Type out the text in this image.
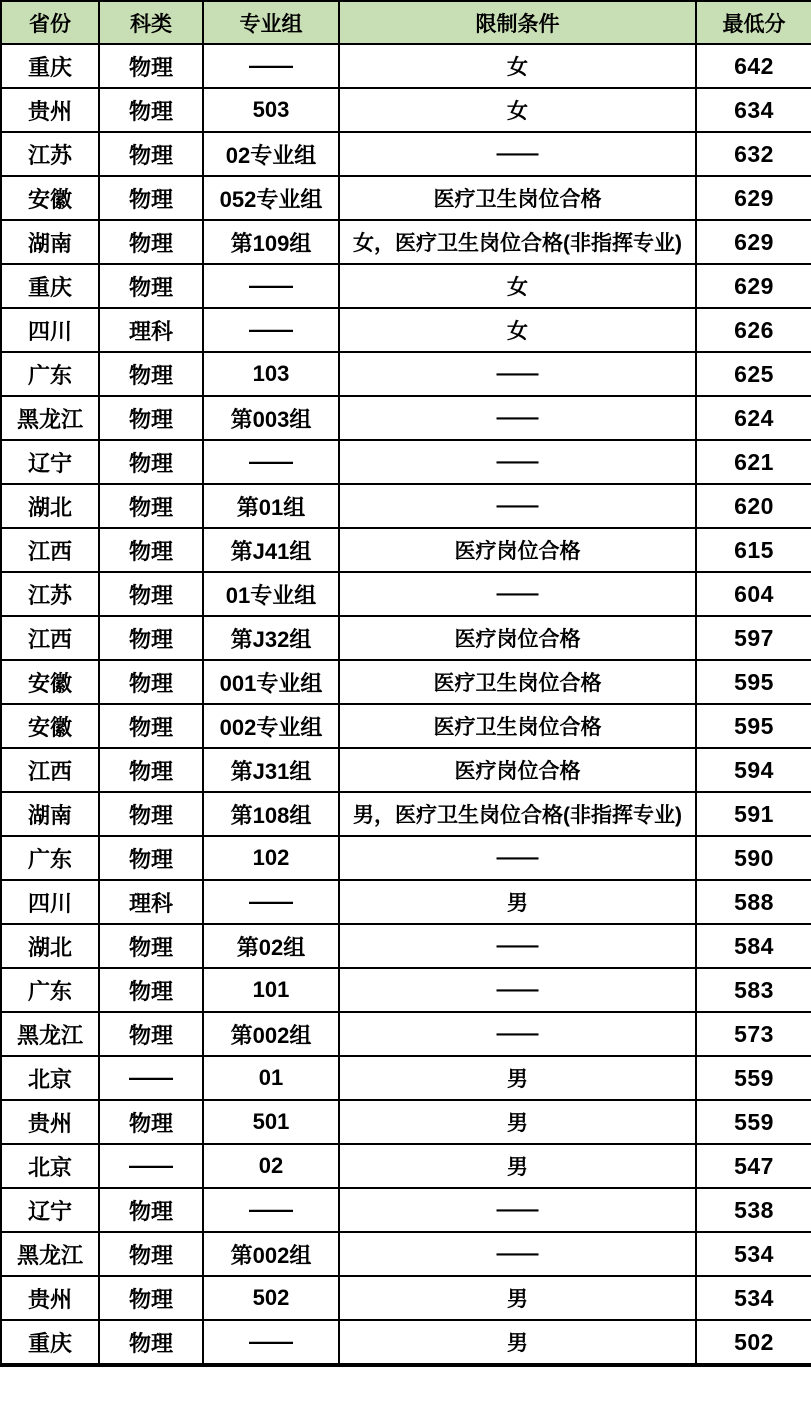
省份	科类	专业组	限制条件	最低分
重庆	物理	——	女	642
贵州	物理	503	女	634
江苏	物理	02专业组	——	632
安徽	物理	052专业组	医疗卫生岗位合格	629
湖南	物理	第109组	女，医疗卫生岗位合格(非指挥专业)	629
重庆	物理	——	女	629
四川	理科	——	女	626
广东	物理	103	——	625
黑龙江	物理	第003组	——	624
辽宁	物理	——	——	621
湖北	物理	第01组	——	620
江西	物理	第J41组	医疗岗位合格	615
江苏	物理	01专业组	——	604
江西	物理	第J32组	医疗岗位合格	597
安徽	物理	001专业组	医疗卫生岗位合格	595
安徽	物理	002专业组	医疗卫生岗位合格	595
江西	物理	第J31组	医疗岗位合格	594
湖南	物理	第108组	男，医疗卫生岗位合格(非指挥专业)	591
广东	物理	102	——	590
四川	理科	——	男	588
湖北	物理	第02组	——	584
广东	物理	101	——	583
黑龙江	物理	第002组	——	573
北京	——	01	男	559
贵州	物理	501	男	559
北京	——	02	男	547
辽宁	物理	——	——	538
黑龙江	物理	第002组	——	534
贵州	物理	502	男	534
重庆	物理	——	男	502
